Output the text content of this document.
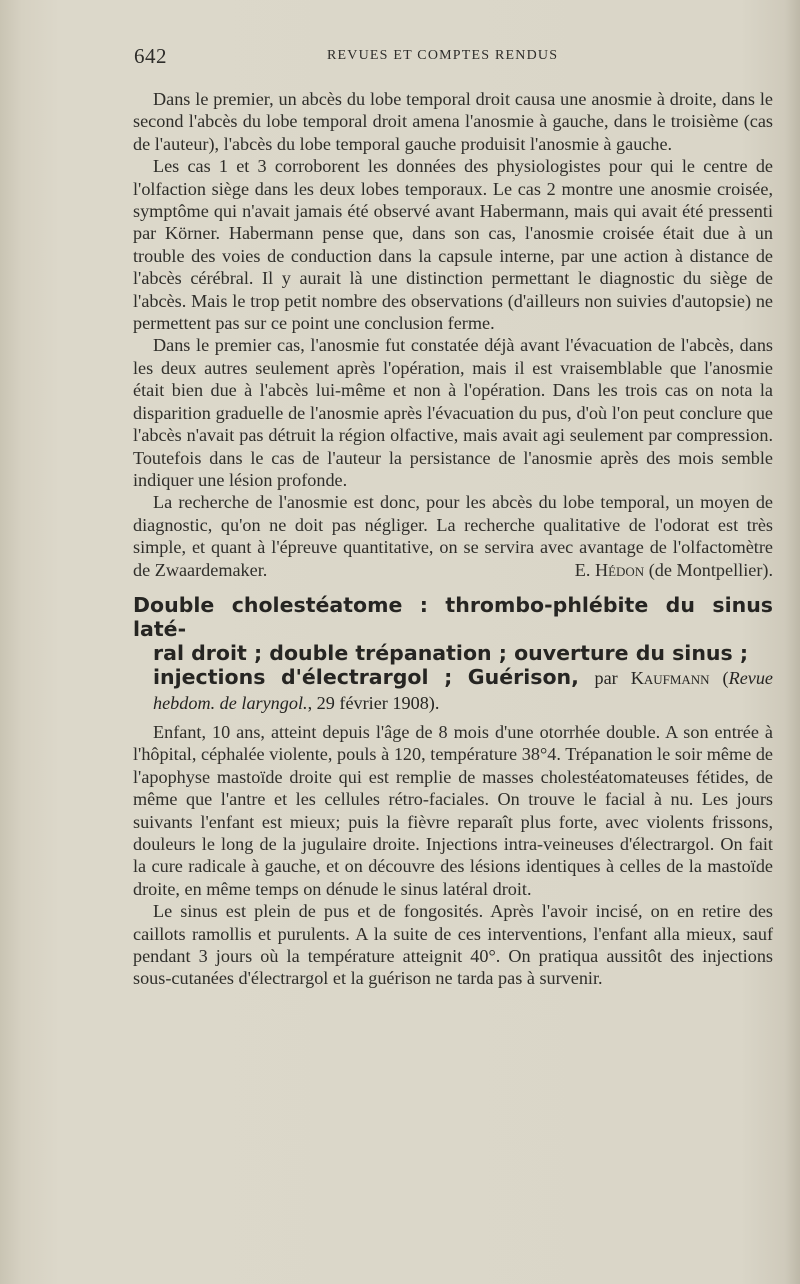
642	REVUES ET COMPTES RENDUS

Dans le premier, un abcès du lobe temporal droit causa une anosmie à droite, dans le second l'abcès du lobe temporal droit amena l'anosmie à gauche, dans le troisième (cas de l'auteur), l'abcès du lobe temporal gauche produisit l'anosmie à gauche.

Les cas 1 et 3 corroborent les données des physiologistes pour qui le centre de l'olfaction siège dans les deux lobes temporaux. Le cas 2 montre une anosmie croisée, symptôme qui n'avait jamais été observé avant Habermann, mais qui avait été pressenti par Körner. Habermann pense que, dans son cas, l'anosmie croisée était due à un trouble des voies de conduction dans la capsule interne, par une action à distance de l'abcès cérébral. Il y aurait là une distinction permettant le diagnostic du siège de l'abcès. Mais le trop petit nombre des observations (d'ailleurs non suivies d'autopsie) ne permettent pas sur ce point une conclusion ferme.

Dans le premier cas, l'anosmie fut constatée déjà avant l'évacuation de l'abcès, dans les deux autres seulement après l'opération, mais il est vraisemblable que l'anosmie était bien due à l'abcès lui-même et non à l'opération. Dans les trois cas on nota la disparition graduelle de l'anosmie après l'évacuation du pus, d'où l'on peut conclure que l'abcès n'avait pas détruit la région olfactive, mais avait agi seulement par compression. Toutefois dans le cas de l'auteur la persistance de l'anosmie après des mois semble indiquer une lésion profonde.

La recherche de l'anosmie est donc, pour les abcès du lobe temporal, un moyen de diagnostic, qu'on ne doit pas négliger. La recherche qualitative de l'odorat est très simple, et quant à l'épreuve quantitative, on se servira avec avantage de l'olfactomètre de Zwaardemaker.	E. Hédon (de Montpellier).

Double cholestéatome : thrombo-phlébite du sinus laté-
ral droit ; double trépanation ; ouverture du sinus ;
injections d'électrargol ; Guérison, par Kaufmann (Revue hebdom. de laryngol., 29 février 1908).

Enfant, 10 ans, atteint depuis l'âge de 8 mois d'une otorrhée double. A son entrée à l'hôpital, céphalée violente, pouls à 120, température 38°4. Trépanation le soir même de l'apophyse mastoïde droite qui est remplie de masses cholestéatomateuses fétides, de même que l'antre et les cellules rétro-faciales. On trouve le facial à nu. Les jours suivants l'enfant est mieux; puis la fièvre reparaît plus forte, avec violents frissons, douleurs le long de la jugulaire droite. Injections intra-veineuses d'électrargol. On fait la cure radicale à gauche, et on découvre des lésions identiques à celles de la mastoïde droite, en même temps on dénude le sinus latéral droit.

Le sinus est plein de pus et de fongosités. Après l'avoir incisé, on en retire des caillots ramollis et purulents. A la suite de ces interventions, l'enfant alla mieux, sauf pendant 3 jours où la température atteignit 40°. On pratiqua aussitôt des injections sous-cutanées d'électrargol et la guérison ne tarda pas à survenir.
